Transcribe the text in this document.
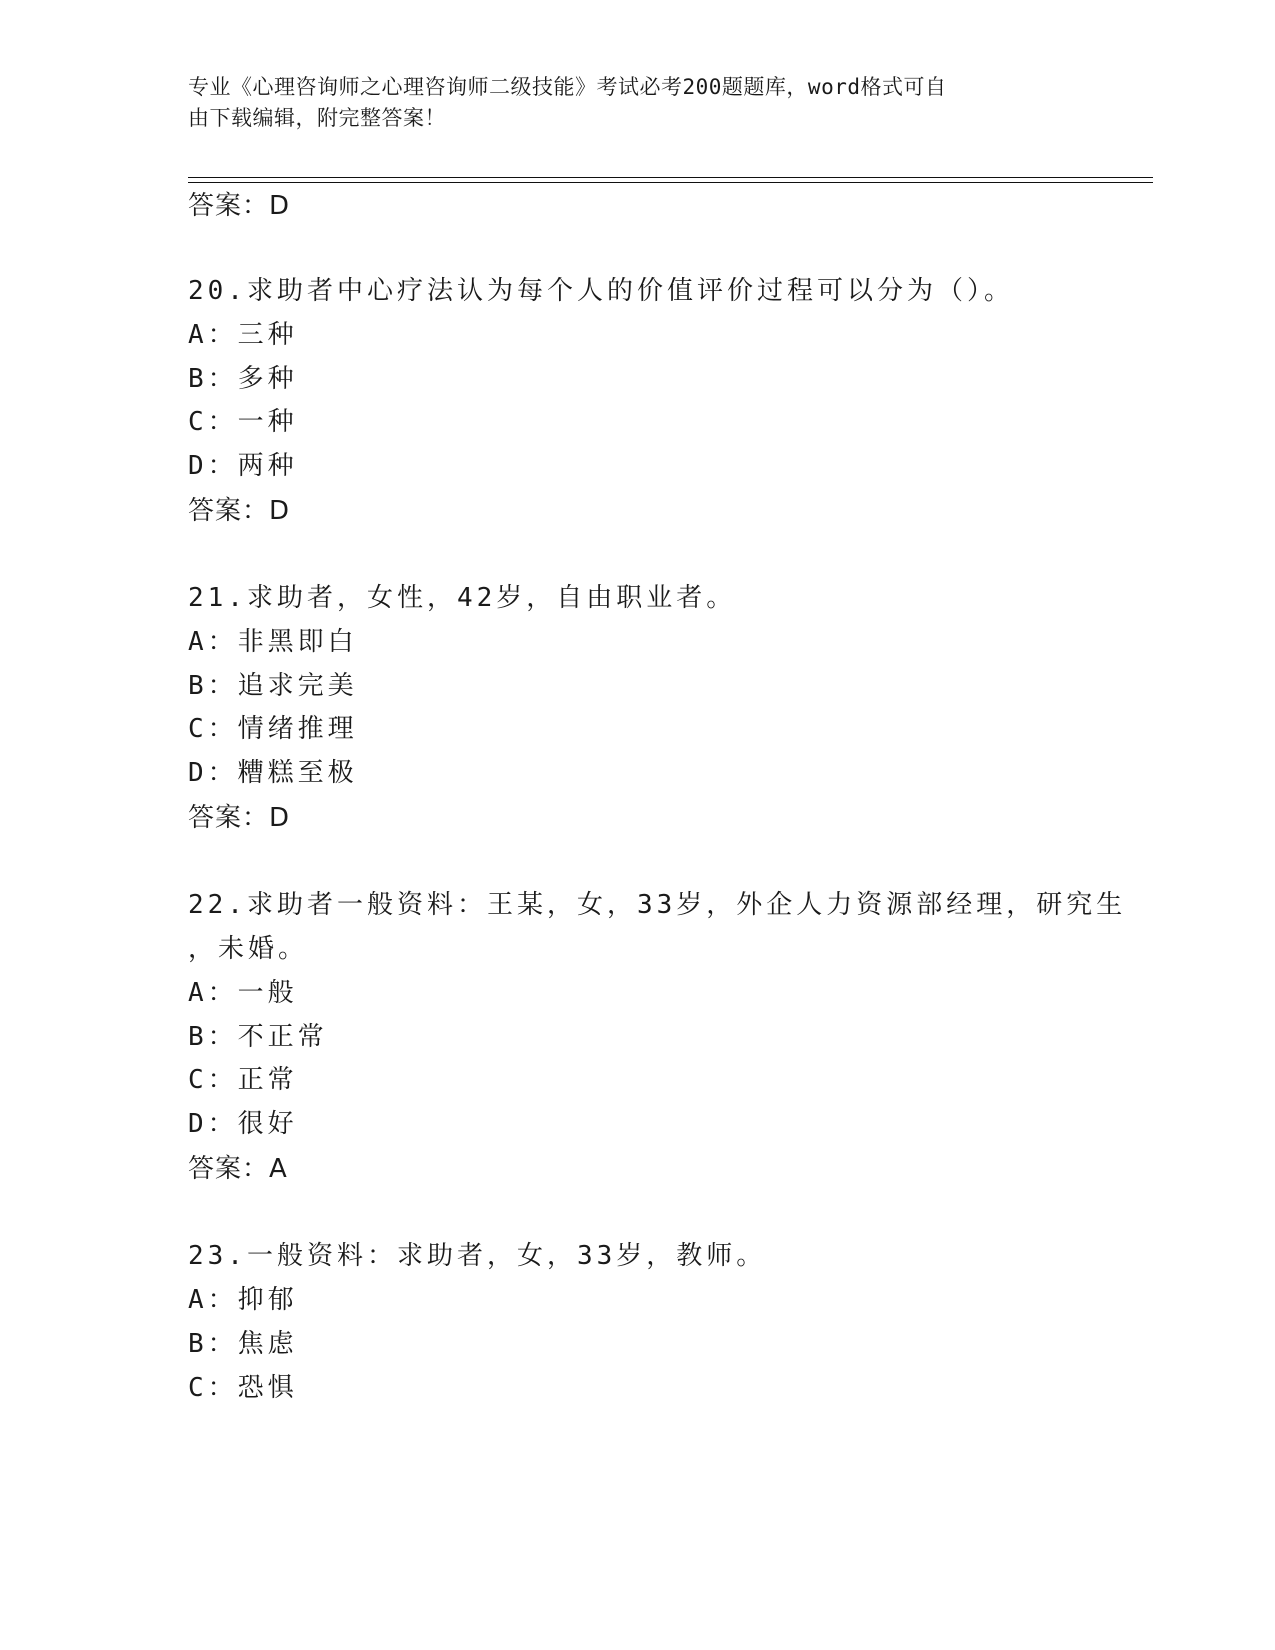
专业《心理咨询师之心理咨询师二级技能》考试必考200题题库，word格式可自
由下载编辑，附完整答案！
答案：D
20.求助者中心疗法认为每个人的价值评价过程可以分为（）。
A：三种
B：多种
C：一种
D：两种
答案：D
21.求助者，女性，42岁，自由职业者。
A：非黑即白
B：追求完美
C：情绪推理
D：糟糕至极
答案：D
22.求助者一般资料：王某，女，33岁，外企人力资源部经理，研究生
，未婚。
A：一般
B：不正常
C：正常
D：很好
答案：A
23.一般资料：求助者，女，33岁，教师。
A：抑郁
B：焦虑
C：恐惧
